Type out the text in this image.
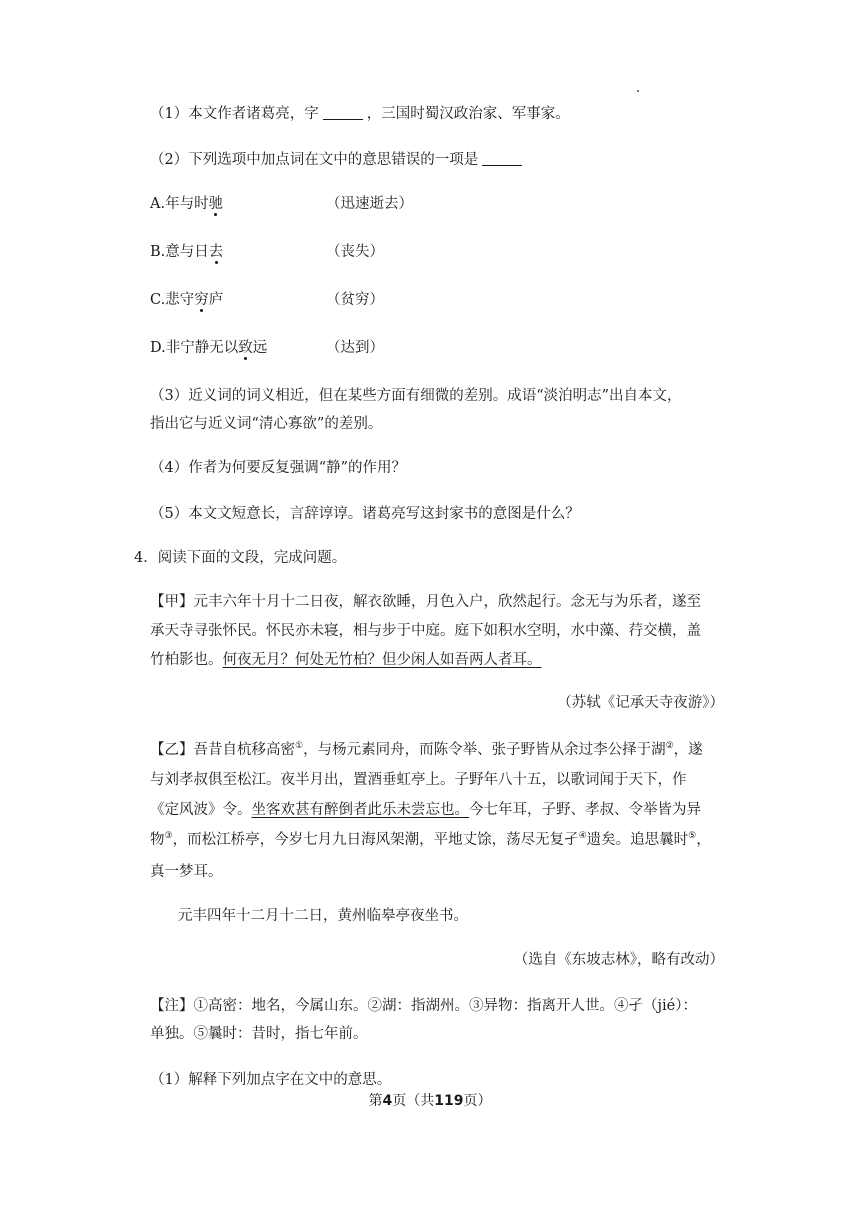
（1）本文作者诸葛亮，字	，三国时蜀汉政治家、军事家。
（2）下列选项中加点词在文中的意思错误的一项是
A.年与时驰	（迅速逝去）
B.意与日去	（丧失）
C.悲守穷庐	（贫穷）
D.非宁静无以致远	（达到）
（3）近义词的词义相近，但在某些方面有细微的差别。成语“淡泊明志”出自本文，
指出它与近义词“清心寡欲”的差别。
（4）作者为何要反复强调“静”的作用？
（5）本文文短意长，言辞谆谆。诸葛亮写这封家书的意图是什么？
4．阅读下面的文段，完成问题。
【甲】元丰六年十月十二日夜，解衣欲睡，月色入户，欣然起行。念无与为乐者，遂至
承天寺寻张怀民。怀民亦未寝，相与步于中庭。庭下如积水空明，水中藻、荇交横，盖
竹柏影也。何夜无月？何处无竹柏？但少闲人如吾两人者耳。
（苏轼《记承天寺夜游》）
【乙】吾昔自杭移高密①，与杨元素同舟，而陈令举、张子野皆从余过李公择于湖②，遂
与刘孝叔俱至松江。夜半月出，置酒垂虹亭上。子野年八十五，以歌词闻于天下，作
《定风波》令。坐客欢甚有醉倒者此乐未尝忘也。今七年耳，子野、孝叔、令举皆为异
物③，而松江桥亭，今岁七月九日海风架潮，平地丈馀，荡尽无复孑④遗矣。追思曩时⑤，
真一梦耳。
元丰四年十二月十二日，黄州临皋亭夜坐书。
（选自《东坡志林》，略有改动）
【注】①高密：地名，今属山东。②湖：指湖州。③异物：指离开人世。④孑（jié）：
单独。⑤曩时：昔时，指七年前。
（1）解释下列加点字在文中的意思。
第4页（共119页）
